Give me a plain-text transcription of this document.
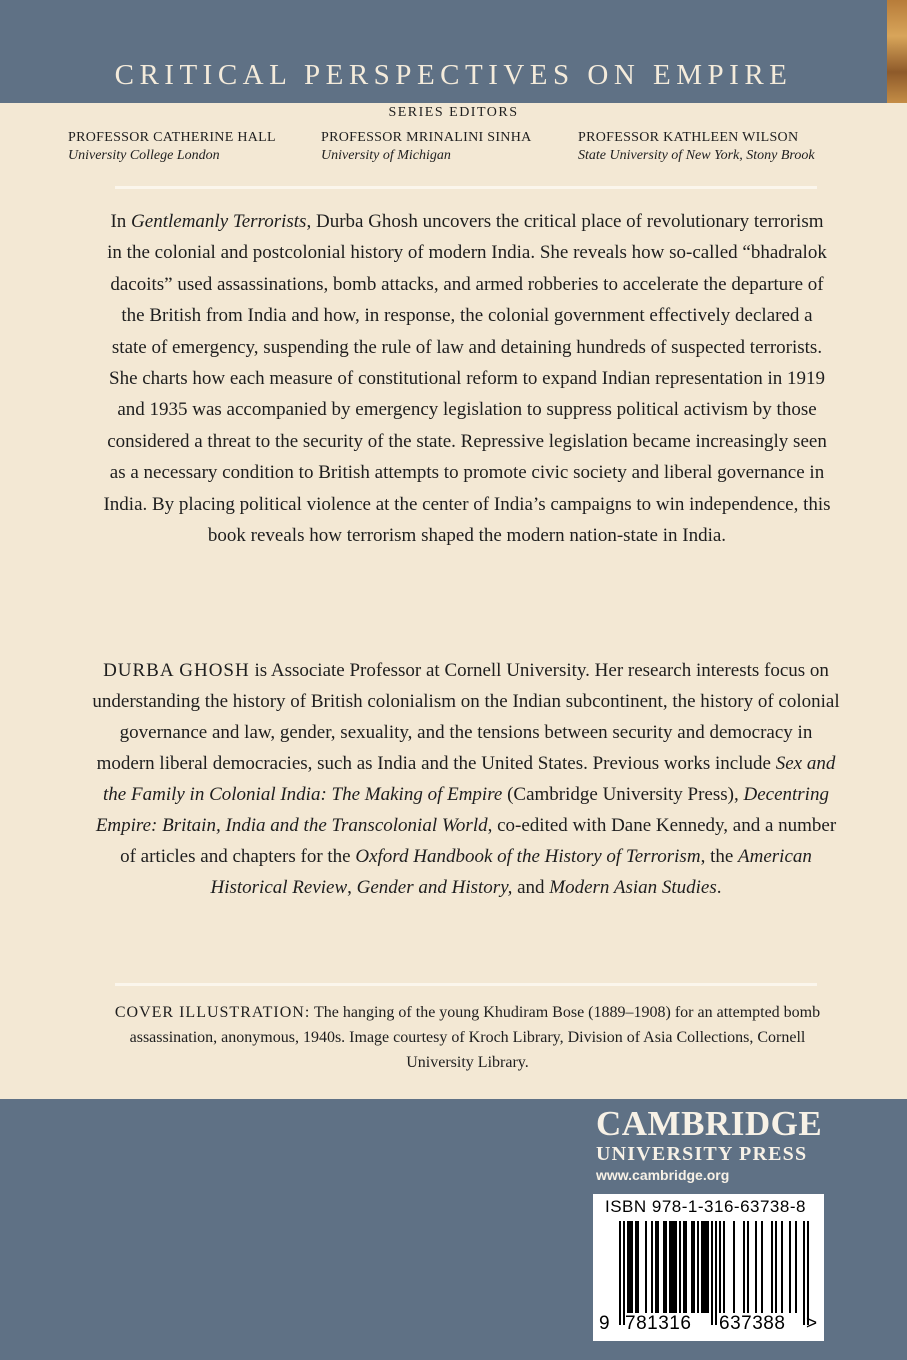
CRITICAL PERSPECTIVES ON EMPIRE
SERIES EDITORS
PROFESSOR CATHERINE HALL
University College London
PROFESSOR MRINALINI SINHA
University of Michigan
PROFESSOR KATHLEEN WILSON
State University of New York, Stony Brook
In Gentlemanly Terrorists, Durba Ghosh uncovers the critical place of revolutionary terrorism in the colonial and postcolonial history of modern India. She reveals how so-called “bhadralok dacoits” used assassinations, bomb attacks, and armed robberies to accelerate the departure of the British from India and how, in response, the colonial government effectively declared a state of emergency, suspending the rule of law and detaining hundreds of suspected terrorists. She charts how each measure of constitutional reform to expand Indian representation in 1919 and 1935 was accompanied by emergency legislation to suppress political activism by those considered a threat to the security of the state. Repressive legislation became increasingly seen as a necessary condition to British attempts to promote civic society and liberal governance in India. By placing political violence at the center of India’s campaigns to win independence, this book reveals how terrorism shaped the modern nation-state in India.
DURBA GHOSH is Associate Professor at Cornell University. Her research interests focus on understanding the history of British colonialism on the Indian subcontinent, the history of colonial governance and law, gender, sexuality, and the tensions between security and democracy in modern liberal democracies, such as India and the United States. Previous works include Sex and the Family in Colonial India: The Making of Empire (Cambridge University Press), Decentring Empire: Britain, India and the Transcolonial World, co-edited with Dane Kennedy, and a number of articles and chapters for the Oxford Handbook of the History of Terrorism, the American Historical Review, Gender and History, and Modern Asian Studies.
COVER ILLUSTRATION: The hanging of the young Khudiram Bose (1889–1908) for an attempted bomb assassination, anonymous, 1940s. Image courtesy of Kroch Library, Division of Asia Collections, Cornell University Library.
CAMBRIDGE
UNIVERSITY PRESS
www.cambridge.org
ISBN 978-1-316-63738-8
9 781316 637388 >
